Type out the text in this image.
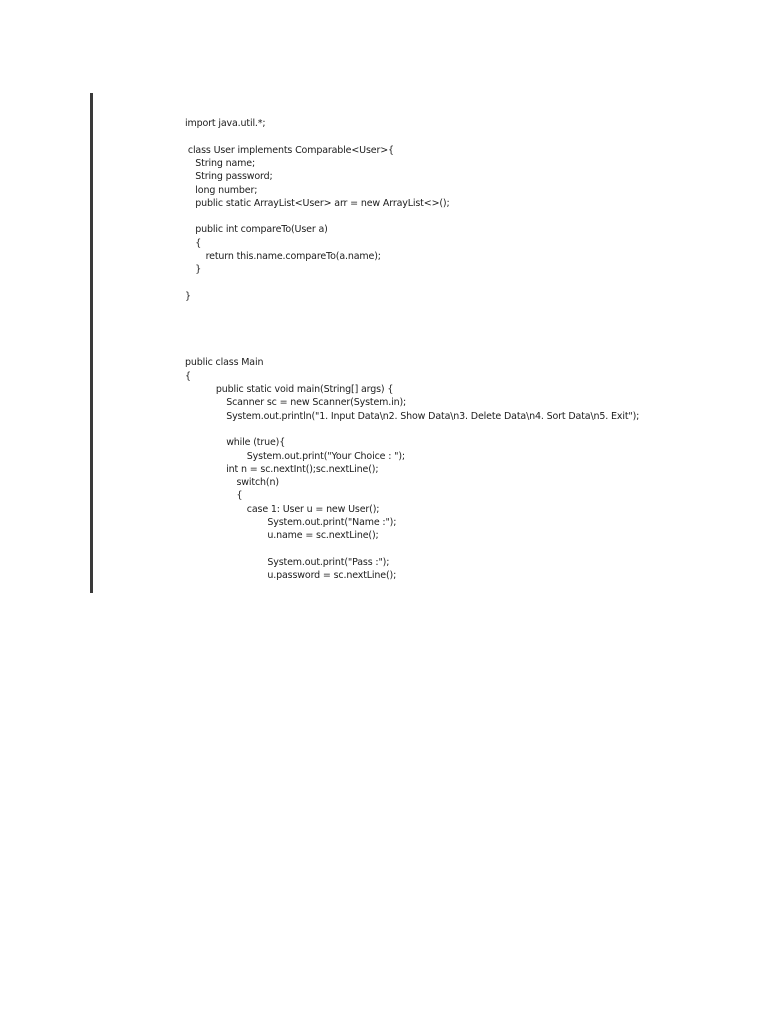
import java.util.*;
class User implements Comparable<User>{
String name;
String password;
long number;
public static ArrayList<User> arr = new ArrayList<>();
public int compareTo(User a)
{
return this.name.compareTo(a.name);
}
}
public class Main
{
public static void main(String[] args) {
Scanner sc = new Scanner(System.in);
System.out.println("1. Input Data\n2. Show Data\n3. Delete Data\n4. Sort Data\n5. Exit");
while (true){
System.out.print("Your Choice : ");
int n = sc.nextInt();sc.nextLine();
switch(n)
{
case 1: User u = new User();
System.out.print("Name :");
u.name = sc.nextLine();
System.out.print("Pass :");
u.password = sc.nextLine();
